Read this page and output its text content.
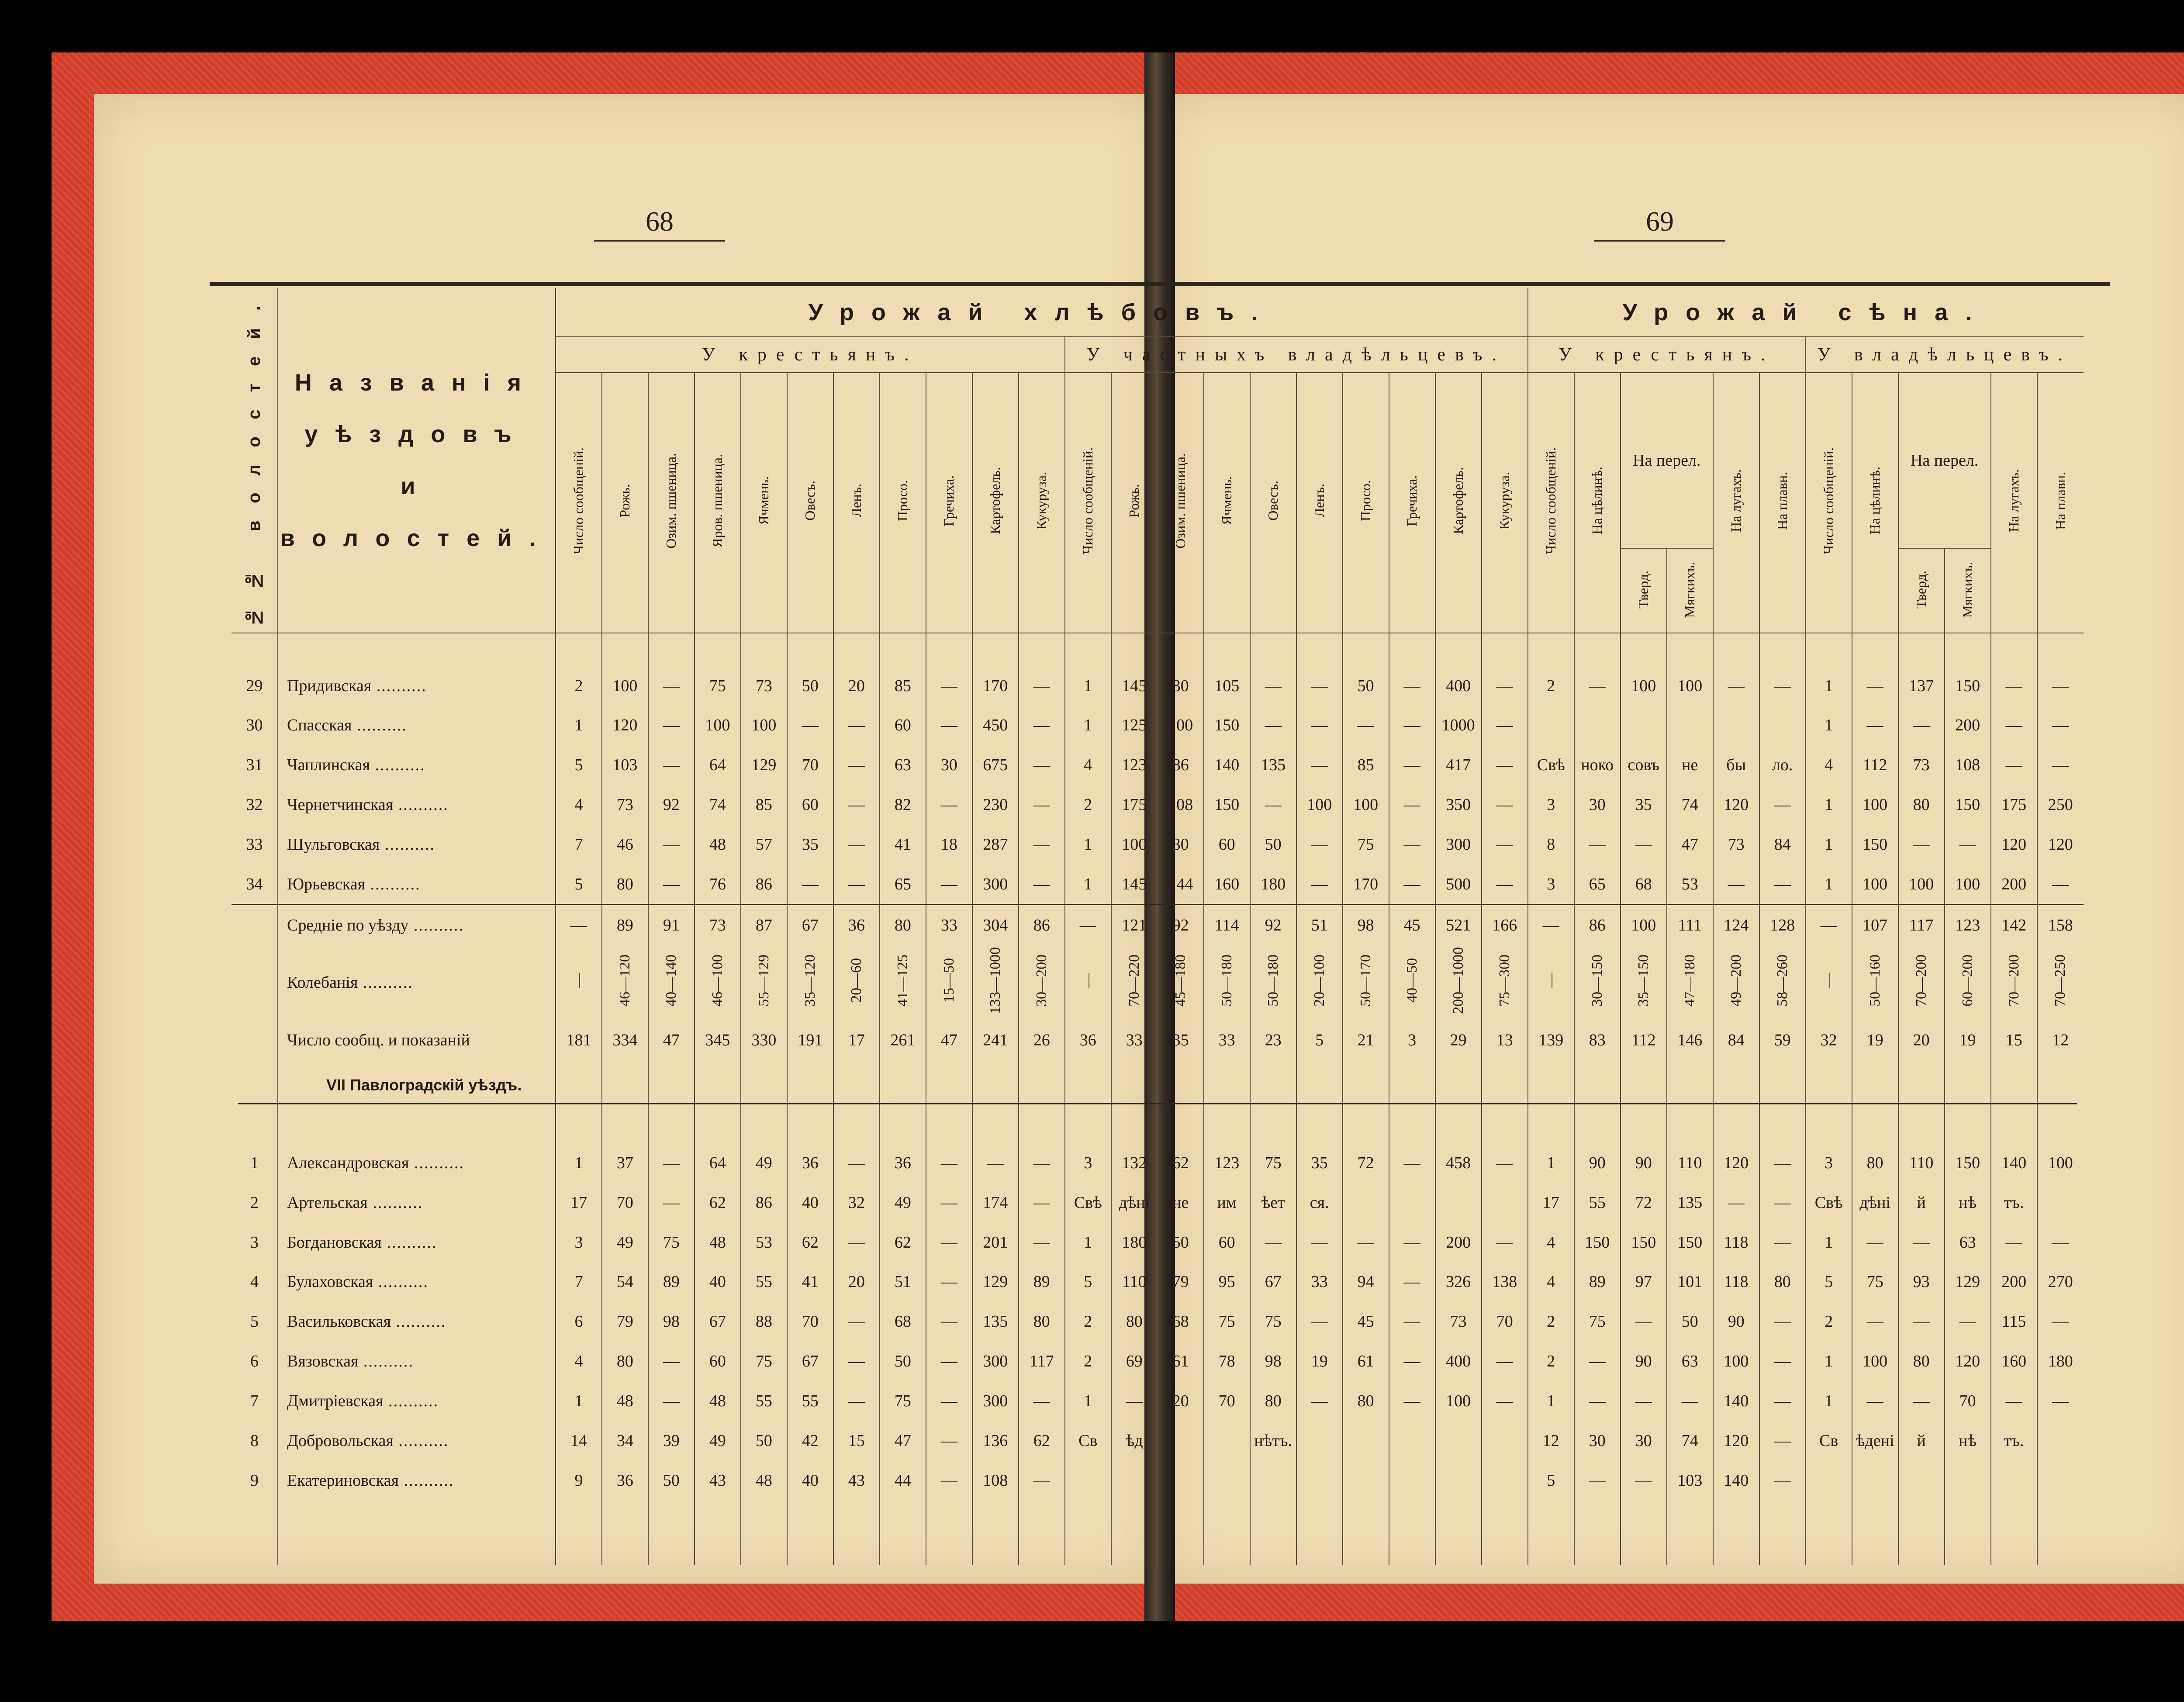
68	69
№№ волостей.	Названія уѣздовъ
и волостей.	Урожай хлѣбовъ.																					Урожай сѣна.											
		У крестьянъ.											У частныхъ владѣльцевъ.										У крестьянъ.						У владѣльцевъ.					
		Число сообщеній.	Рожь.	Озим. пшеница.	Яров. пшеница.	Ячмень.	Овесъ.	Ленъ.	Просо.	Гречиха.	Картофель.	Кукуруза.	Число сообщеній.	Рожь.	Озим. пшеница.	Ячмень.	Овесъ.	Ленъ.	Просо.	Гречиха.	Картофель.	Кукуруза.	Число сообщеній.	На цѣлинѣ.	На перел.		На лугахъ.	На плавн.	Число сообщеній.	На цѣлинѣ.	На перел.		На лугахъ.	На плавн.
																									Тверд.	Мягкихъ.					Тверд.	Мягкихъ.		

29	Придивская ..........	2	100	—	75	73	50	20	85	—	170	—	1	145	30	105	—	—	50	—	400	—	2	—	100	100	—	—	1	—	137	150	—	—
30	Спасская ..........	1	120	—	100	100	—	—	60	—	450	—	1	125	100	150	—	—	—	—	1000	—							1	—	—	200	—	—
31	Чаплинская ..........	5	103	—	64	129	70	—	63	30	675	—	4	123	86	140	135	—	85	—	417	—	Свѣ	ноко	совъ	не	бы	ло.	4	112	73	108	—	—
32	Чернетчинская ..........	4	73	92	74	85	60	—	82	—	230	—	2	175	108	150	—	100	100	—	350	—	3	30	35	74	120	—	1	100	80	150	175	250
33	Шульговская ..........	7	46	—	48	57	35	—	41	18	287	—	1	100	30	60	50	—	75	—	300	—	8	—	—	47	73	84	1	150	—	—	120	120
34	Юрьевская ..........	5	80	—	76	86	—	—	65	—	300	—	1	145	144	160	180	—	170	—	500	—	3	65	68	53	—	—	1	100	100	100	200	—
	Средніе по уѣзду ..........	—	89	91	73	87	67	36	80	33	304	86	—	121	92	114	92	51	98	45	521	166	—	86	100	111	124	128	—	107	117	123	142	158
	Колебанія ..........	—	46—120	40—140	46—100	55—129	35—120	20—60	41—125	15—50	133—1000	30—200	—	70—220	45—180	50—180	50—180	20—100	50—170	40—50	200—1000	75—300	—	30—150	35—150	47—180	49—200	58—260	—	50—160	70—200	60—200	70—200	70—250
	Число сообщ. и показаній	181	334	47	345	330	191	17	261	47	241	26	36	33	35	33	23	5	21	3	29	13	139	83	112	146	84	59	32	19	20	19	15	12
	VII Павлоградскій уѣздъ.																																	

1	Александровская ..........	1	37	—	64	49	36	—	36	—	—	—	3	132	62	123	75	35	72	—	458	—	1	90	90	110	120	—	3	80	110	150	140	100
2	Артельская ..........	17	70	—	62	86	40	32	49	—	174	—	Свѣ	дѣні	не	им	ѣет	ся.					17	55	72	135	—	—	Свѣ	дѣні	й	нѣ	тъ.	
3	Богдановская ..........	3	49	75	48	53	62	—	62	—	201	—	1	180	50	60	—	—	—	—	200	—	4	150	150	150	118	—	1	—	—	63	—	—
4	Булаховская ..........	7	54	89	40	55	41	20	51	—	129	89	5	110	79	95	67	33	94	—	326	138	4	89	97	101	118	80	5	75	93	129	200	270
5	Васильковская ..........	6	79	98	67	88	70	—	68	—	135	80	2	80	68	75	75	—	45	—	73	70	2	75	—	50	90	—	2	—	—	—	115	—
6	Вязовская ..........	4	80	—	60	75	67	—	50	—	300	117	2	69	61	78	98	19	61	—	400	—	2	—	90	63	100	—	1	100	80	120	160	180
7	Дмитріевская ..........	1	48	—	48	55	55	—	75	—	300	—	1	—	20	70	80	—	80	—	100	—	1	—	—	—	140	—	1	—	—	70	—	—
8	Добровольская ..........	14	34	39	49	50	42	15	47	—	136	62	Св	ѣд			нѣтъ.						12	30	30	74	120	—	Св	ѣдені	й	нѣ	тъ.	
9	Екатериновская ..........	9	36	50	43	48	40	43	44	—	108	—											5	—	—	103	140	—						
